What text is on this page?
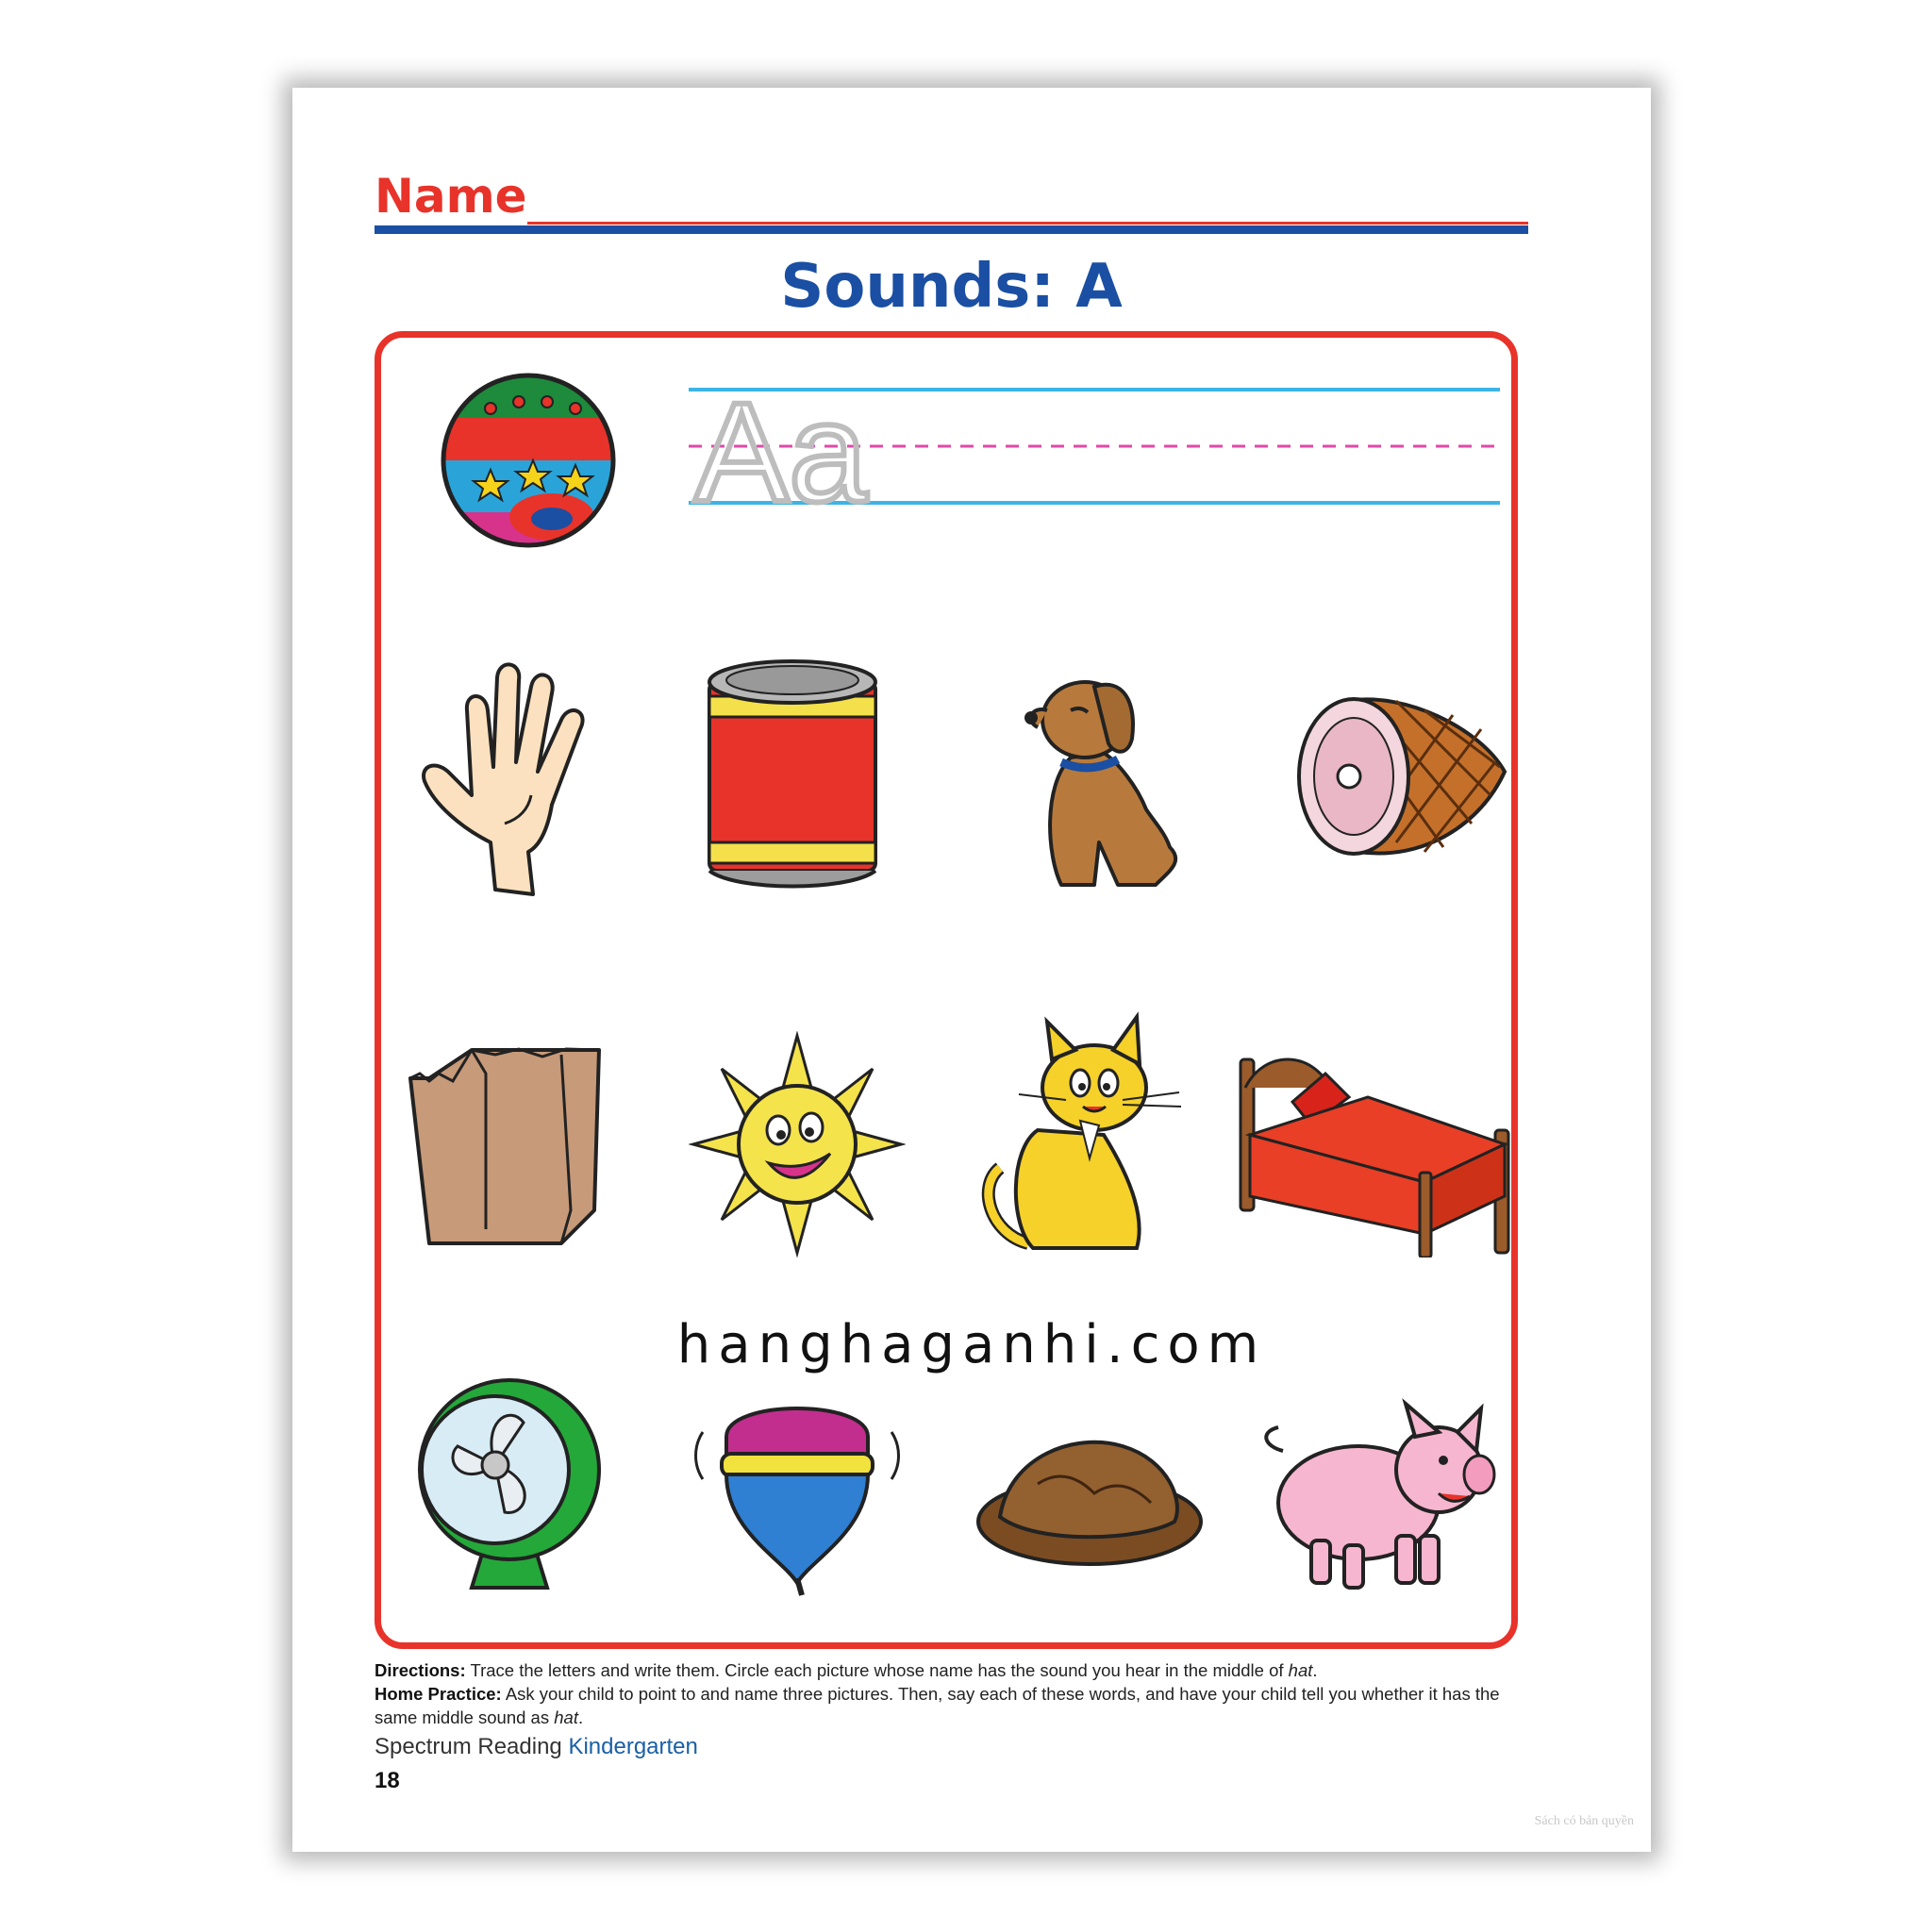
Name
Sounds: A
Aa
hanghaganhi.com
Directions: Trace the letters and write them. Circle each picture whose name has the sound you hear in the middle of hat.
Home Practice: Ask your child to point to and name three pictures. Then, say each of these words, and have your child tell you whether it has the same middle sound as hat.
Spectrum Reading Kindergarten
18
Sách có bản quyền
